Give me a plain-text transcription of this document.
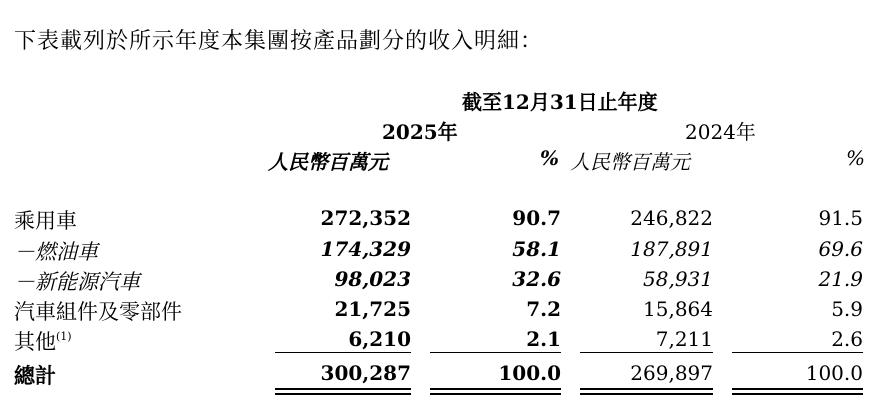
下表載列於所示年度本集團按產品劃分的收入明細：
截至12月31日止年度
2025年	2024年
人民幣百萬元	% 人民幣百萬元	%
乘用車	272,352	90.7	246,822	91.5
－燃油車	174,329	58.1	187,891	69.6
－新能源汽車	98,023	32.6	58,931	21.9
汽車組件及零部件	21,725	7.2	15,864	5.9
其他$^{(1)}$	6,210	2.1	7,211	2.6
總計	300,287	100.0	269,897	100.0
